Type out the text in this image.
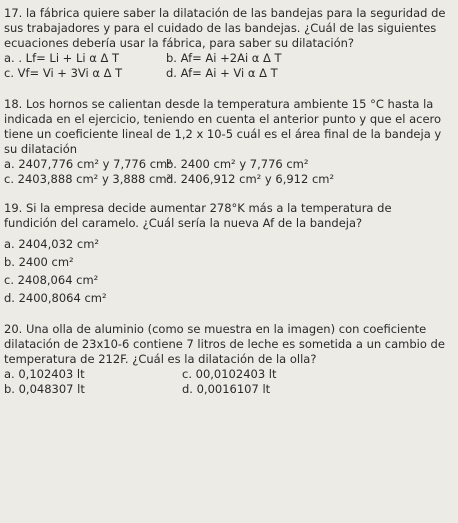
17. la fábrica quiere saber la dilatación de las bandejas para la seguridad de sus trabajadores y para el cuidado de las bandejas. ¿Cuál de las siguientes ecuaciones debería usar la fábrica, para saber su dilatación?

a. . Lf= Li + Li α Δ T	b. Af= Ai +2Ai α Δ T
c. Vf= Vi + 3Vi α Δ T	d. Af= Ai + Vi α Δ T

18. Los hornos se calientan desde la temperatura ambiente 15 °C hasta la indicada en el ejercicio, teniendo en cuenta el anterior punto y que el acero tiene un coeficiente lineal de 1,2 x 10-5 cuál es el área final de la bandeja y su dilatación

a. 2407,776 cm² y 7,776 cm²
b. 2400 cm² y 7,776 cm²
c. 2403,888 cm² y 3,888 cm²
d. 2406,912 cm² y 6,912 cm²

19. Si la empresa decide aumentar 278°K más a la temperatura de fundición del caramelo. ¿Cuál sería la nueva Af de la bandeja?

a. 2404,032 cm²
b. 2400 cm²
c. 2408,064 cm²
d. 2400,8064 cm²

20. Una olla de aluminio (como se muestra en la imagen) con coeficiente dilatación de 23x10-6 contiene 7 litros de leche es sometida a un cambio de temperatura de 212F. ¿Cuál es la dilatación de la olla?

a. 0,102403 lt	c. 00,0102403 lt
b. 0,048307 lt	d. 0,0016107 lt
